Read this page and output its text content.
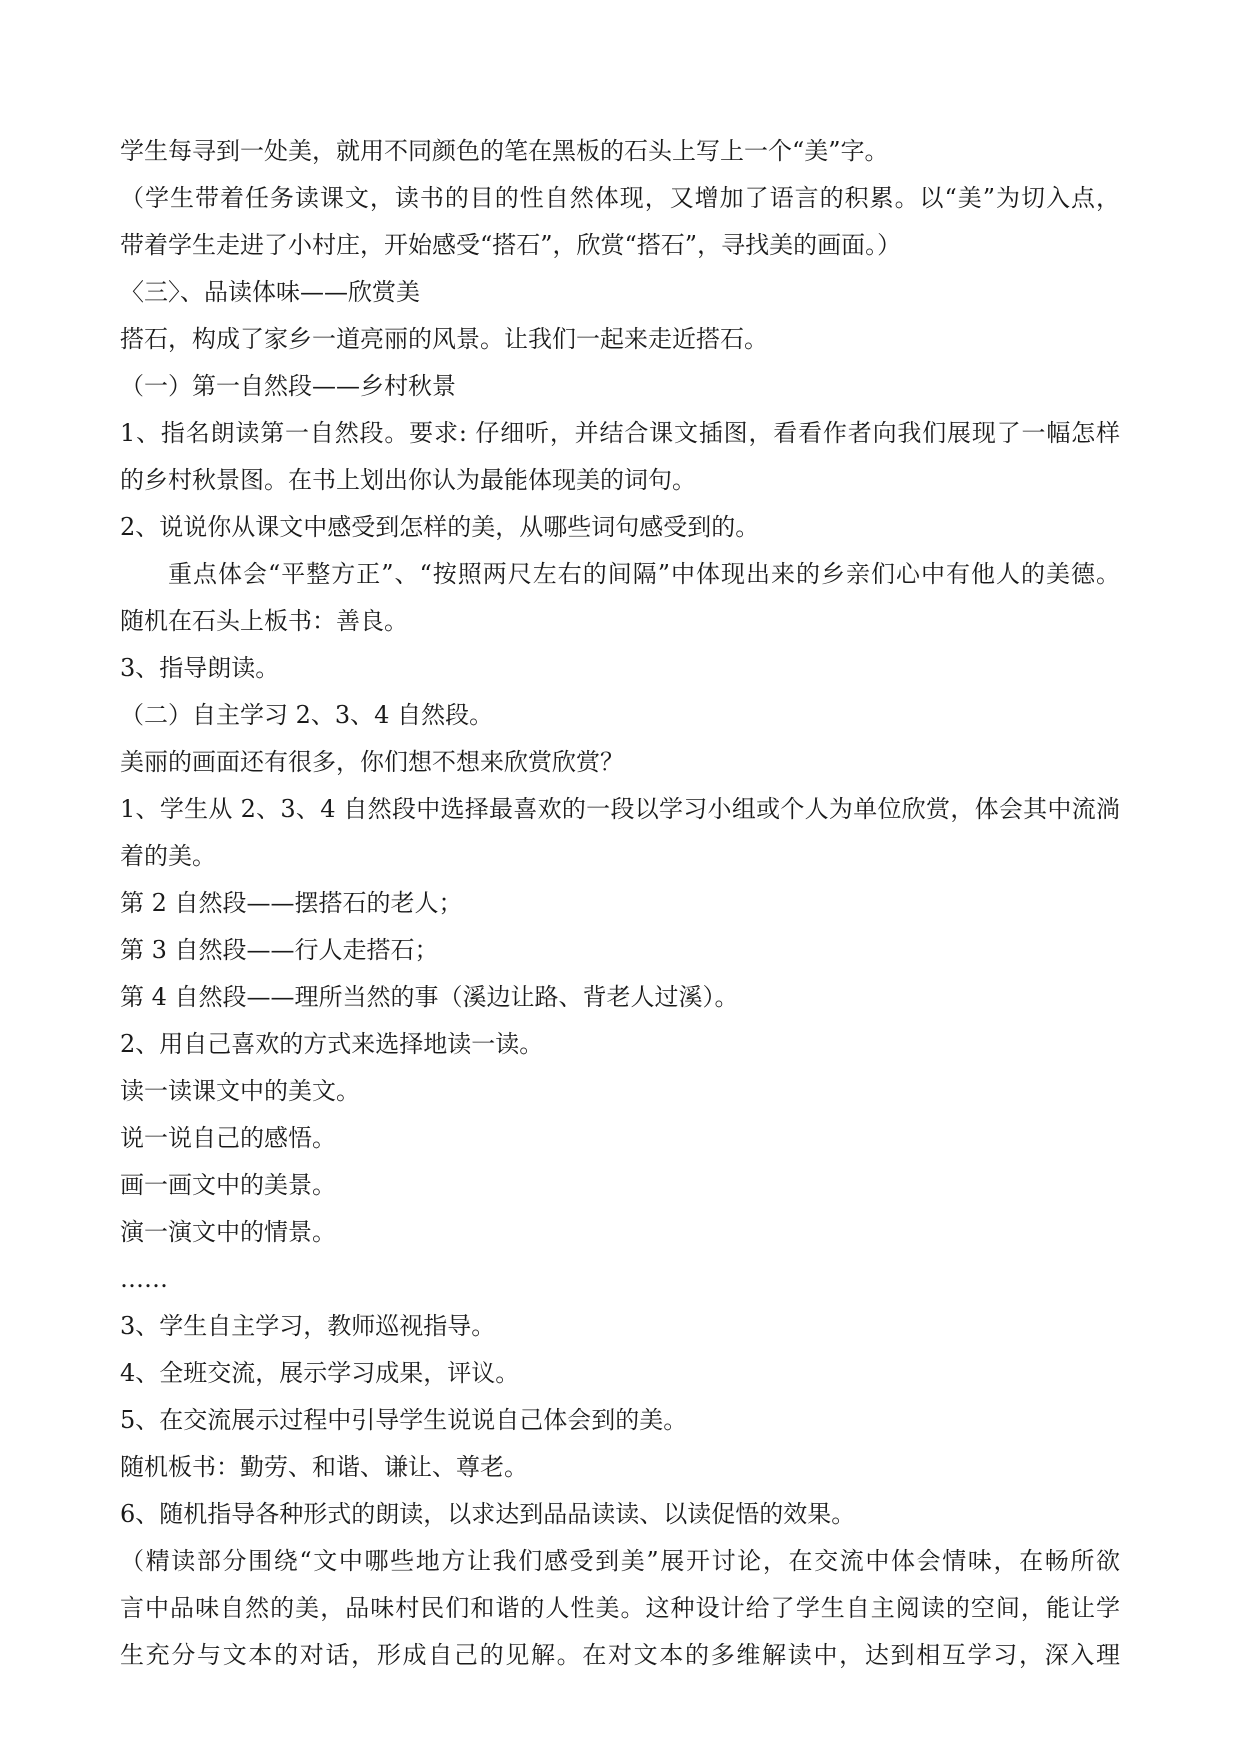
学生每寻到一处美，就用不同颜色的笔在黑板的石头上写上一个“美”字。
（学生带着任务读课文，读书的目的性自然体现，又增加了语言的积累。以“美”为切入点，
带着学生走进了小村庄，开始感受“搭石”，欣赏“搭石”，寻找美的画面。）
〈三〉、品读体味——欣赏美
搭石，构成了家乡一道亮丽的风景。让我们一起来走近搭石。
（一）第一自然段——乡村秋景
1、指名朗读第一自然段。要求: 仔细听，并结合课文插图，看看作者向我们展现了一幅怎样
的乡村秋景图。在书上划出你认为最能体现美的词句。
2、说说你从课文中感受到怎样的美，从哪些词句感受到的。
重点体会“平整方正”、“按照两尺左右的间隔”中体现出来的乡亲们心中有他人的美德。
随机在石头上板书：善良。
3、指导朗读。
（二）自主学习 2、3、4 自然段。
美丽的画面还有很多，你们想不想来欣赏欣赏？
1、学生从 2、3、4 自然段中选择最喜欢的一段以学习小组或个人为单位欣赏，体会其中流淌
着的美。
第 2 自然段——摆搭石的老人；
第 3 自然段——行人走搭石；
第 4 自然段——理所当然的事（溪边让路、背老人过溪）。
2、用自己喜欢的方式来选择地读一读。
读一读课文中的美文。
说一说自己的感悟。
画一画文中的美景。
演一演文中的情景。
……
3、学生自主学习，教师巡视指导。
4、全班交流，展示学习成果，评议。
5、在交流展示过程中引导学生说说自己体会到的美。
随机板书：勤劳、和谐、谦让、尊老。
6、随机指导各种形式的朗读，以求达到品品读读、以读促悟的效果。
（精读部分围绕“文中哪些地方让我们感受到美”展开讨论，在交流中体会情味，在畅所欲
言中品味自然的美，品味村民们和谐的人性美。这种设计给了学生自主阅读的空间，能让学
生充分与文本的对话，形成自己的见解。在对文本的多维解读中，达到相互学习，深入理
